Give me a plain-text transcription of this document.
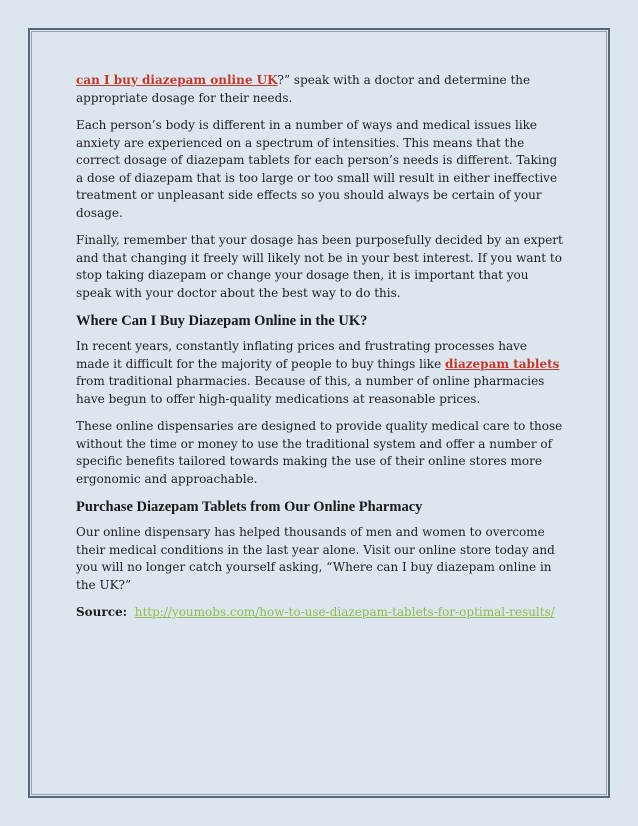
can I buy diazepam online UK?” speak with a doctor and determine the appropriate dosage for their needs.

Each person’s body is different in a number of ways and medical issues like anxiety are experienced on a spectrum of intensities. This means that the correct dosage of diazepam tablets for each person’s needs is different. Taking a dose of diazepam that is too large or too small will result in either ineffective treatment or unpleasant side effects so you should always be certain of your dosage.

Finally, remember that your dosage has been purposefully decided by an expert and that changing it freely will likely not be in your best interest. If you want to stop taking diazepam or change your dosage then, it is important that you speak with your doctor about the best way to do this.

Where Can I Buy Diazepam Online in the UK?

In recent years, constantly inflating prices and frustrating processes have made it difficult for the majority of people to buy things like diazepam tablets from traditional pharmacies. Because of this, a number of online pharmacies have begun to offer high-quality medications at reasonable prices.

These online dispensaries are designed to provide quality medical care to those without the time or money to use the traditional system and offer a number of specific benefits tailored towards making the use of their online stores more ergonomic and approachable.

Purchase Diazepam Tablets from Our Online Pharmacy

Our online dispensary has helped thousands of men and women to overcome their medical conditions in the last year alone. Visit our online store today and you will no longer catch yourself asking, “Where can I buy diazepam online in the UK?”

Source: http://youmobs.com/how-to-use-diazepam-tablets-for-optimal-results/
